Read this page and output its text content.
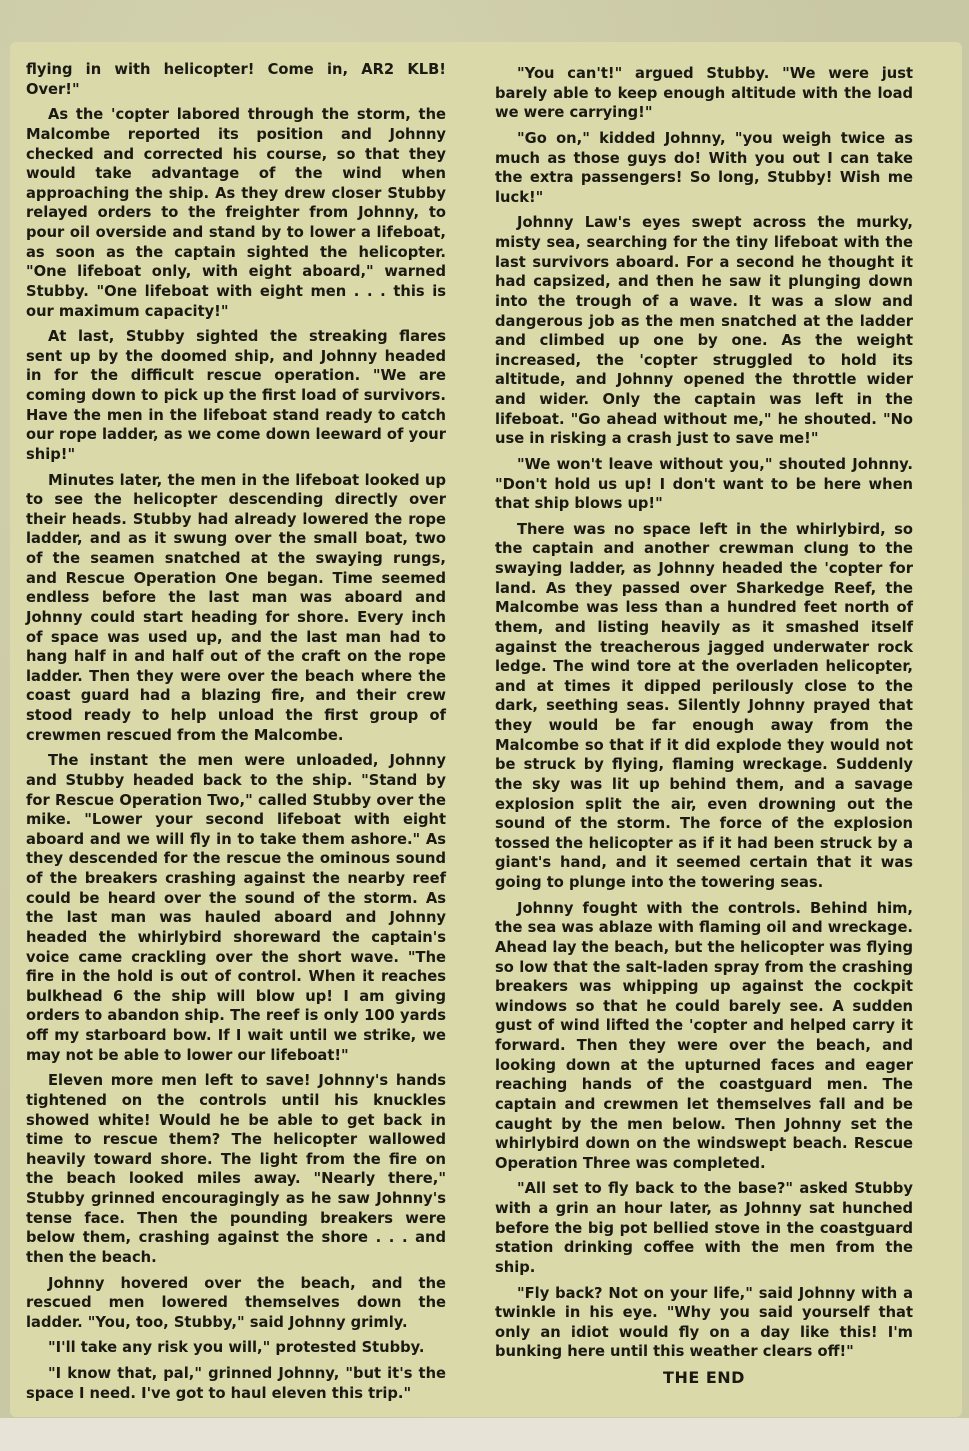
flying in with helicopter! Come in, AR2 KLB! Over!"

As the 'copter labored through the storm, the Malcombe reported its position and Johnny checked and corrected his course, so that they would take advantage of the wind when approaching the ship. As they drew closer Stubby relayed orders to the freighter from Johnny, to pour oil overside and stand by to lower a lifeboat, as soon as the captain sighted the helicopter. "One lifeboat only, with eight aboard," warned Stubby. "One lifeboat with eight men . . . this is our maximum capacity!"

At last, Stubby sighted the streaking flares sent up by the doomed ship, and Johnny headed in for the difficult rescue operation. "We are coming down to pick up the first load of survivors. Have the men in the lifeboat stand ready to catch our rope ladder, as we come down leeward of your ship!"

Minutes later, the men in the lifeboat looked up to see the helicopter descending directly over their heads. Stubby had already lowered the rope ladder, and as it swung over the small boat, two of the seamen snatched at the swaying rungs, and Rescue Operation One began. Time seemed endless before the last man was aboard and Johnny could start heading for shore. Every inch of space was used up, and the last man had to hang half in and half out of the craft on the rope ladder. Then they were over the beach where the coast guard had a blazing fire, and their crew stood ready to help unload the first group of crewmen rescued from the Malcombe.

The instant the men were unloaded, Johnny and Stubby headed back to the ship. "Stand by for Rescue Operation Two," called Stubby over the mike. "Lower your second lifeboat with eight aboard and we will fly in to take them ashore." As they descended for the rescue the ominous sound of the breakers crashing against the nearby reef could be heard over the sound of the storm. As the last man was hauled aboard and Johnny headed the whirlybird shoreward the captain's voice came crackling over the short wave. "The fire in the hold is out of control. When it reaches bulkhead 6 the ship will blow up! I am giving orders to abandon ship. The reef is only 100 yards off my starboard bow. If I wait until we strike, we may not be able to lower our lifeboat!"

Eleven more men left to save! Johnny's hands tightened on the controls until his knuckles showed white! Would he be able to get back in time to rescue them? The helicopter wallowed heavily toward shore. The light from the fire on the beach looked miles away. "Nearly there," Stubby grinned encouragingly as he saw Johnny's tense face. Then the pounding breakers were below them, crashing against the shore . . . and then the beach.

Johnny hovered over the beach, and the rescued men lowered themselves down the ladder. "You, too, Stubby," said Johnny grimly.

"I'll take any risk you will," protested Stubby.

"I know that, pal," grinned Johnny, "but it's the space I need. I've got to haul eleven this trip."

"You can't!" argued Stubby. "We were just barely able to keep enough altitude with the load we were carrying!"

"Go on," kidded Johnny, "you weigh twice as much as those guys do! With you out I can take the extra passengers! So long, Stubby! Wish me luck!"

Johnny Law's eyes swept across the murky, misty sea, searching for the tiny lifeboat with the last survivors aboard. For a second he thought it had capsized, and then he saw it plunging down into the trough of a wave. It was a slow and dangerous job as the men snatched at the ladder and climbed up one by one. As the weight increased, the 'copter struggled to hold its altitude, and Johnny opened the throttle wider and wider. Only the captain was left in the lifeboat. "Go ahead without me," he shouted. "No use in risking a crash just to save me!"

"We won't leave without you," shouted Johnny. "Don't hold us up! I don't want to be here when that ship blows up!"

There was no space left in the whirlybird, so the captain and another crewman clung to the swaying ladder, as Johnny headed the 'copter for land. As they passed over Sharkedge Reef, the Malcombe was less than a hundred feet north of them, and listing heavily as it smashed itself against the treacherous jagged underwater rock ledge. The wind tore at the overladen helicopter, and at times it dipped perilously close to the dark, seething seas. Silently Johnny prayed that they would be far enough away from the Malcombe so that if it did explode they would not be struck by flying, flaming wreckage. Suddenly the sky was lit up behind them, and a savage explosion split the air, even drowning out the sound of the storm. The force of the explosion tossed the helicopter as if it had been struck by a giant's hand, and it seemed certain that it was going to plunge into the towering seas.

Johnny fought with the controls. Behind him, the sea was ablaze with flaming oil and wreckage. Ahead lay the beach, but the helicopter was flying so low that the salt-laden spray from the crashing breakers was whipping up against the cockpit windows so that he could barely see. A sudden gust of wind lifted the 'copter and helped carry it forward. Then they were over the beach, and looking down at the upturned faces and eager reaching hands of the coastguard men. The captain and crewmen let themselves fall and be caught by the men below. Then Johnny set the whirlybird down on the windswept beach. Rescue Operation Three was completed.

"All set to fly back to the base?" asked Stubby with a grin an hour later, as Johnny sat hunched before the big pot bellied stove in the coastguard station drinking coffee with the men from the ship.

"Fly back? Not on your life," said Johnny with a twinkle in his eye. "Why you said yourself that only an idiot would fly on a day like this! I'm bunking here until this weather clears off!"

THE END
